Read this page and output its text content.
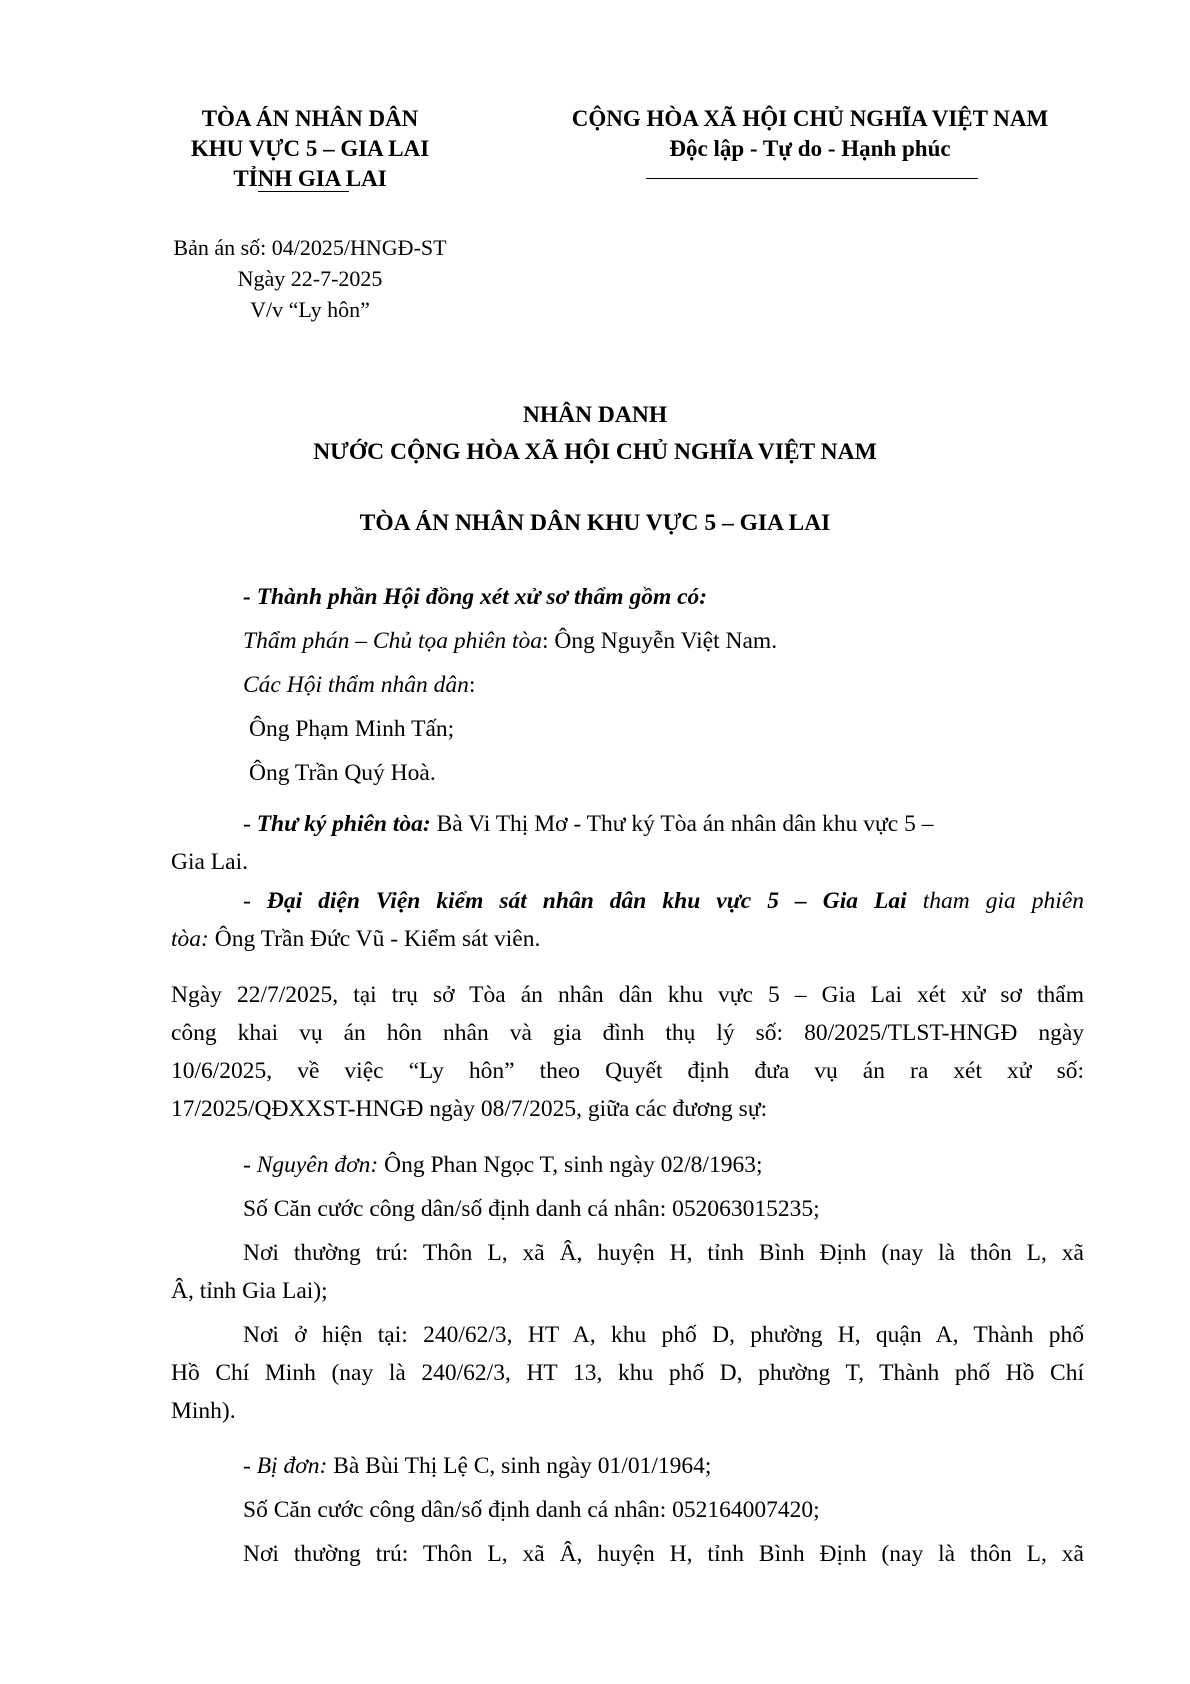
TÒA ÁN NHÂN DÂN
KHU VỰC 5 – GIA LAI
TỈNH GIA LAI
CỘNG HÒA XÃ HỘI CHỦ NGHĨA VIỆT NAM
Độc lập - Tự do - Hạnh phúc
Bản án số: 04/2025/HNGĐ-ST
Ngày 22-7-2025
V/v “Ly hôn”
NHÂN DANH
NƯỚC CỘNG HÒA XÃ HỘI CHỦ NGHĨA VIỆT NAM
TÒA ÁN NHÂN DÂN KHU VỰC 5 – GIA LAI
- Thành phần Hội đồng xét xử sơ thẩm gồm có:
Thẩm phán – Chủ tọa phiên tòa: Ông Nguyễn Việt Nam.
Các Hội thẩm nhân dân:
Ông Phạm Minh Tấn;
Ông Trần Quý Hoà.
- Thư ký phiên tòa: Bà Vi Thị Mơ - Thư ký Tòa án nhân dân khu vực 5 –
Gia Lai.
- Đại diện Viện kiểm sát nhân dân khu vực 5 – Gia Lai tham gia phiên
tòa: Ông Trần Đức Vũ - Kiểm sát viên.
Ngày 22/7/2025, tại trụ sở Tòa án nhân dân khu vực 5 – Gia Lai xét xử sơ thẩm
công khai vụ án hôn nhân và gia đình thụ lý số: 80/2025/TLST-HNGĐ ngày
10/6/2025, về việc “Ly hôn” theo Quyết định đưa vụ án ra xét xử số:
17/2025/QĐXXST-HNGĐ ngày 08/7/2025, giữa các đương sự:
- Nguyên đơn: Ông Phan Ngọc T, sinh ngày 02/8/1963;
Số Căn cước công dân/số định danh cá nhân: 052063015235;
Nơi thường trú: Thôn L, xã Â, huyện H, tỉnh Bình Định (nay là thôn L, xã
Â, tỉnh Gia Lai);
Nơi ở hiện tại: 240/62/3, HT A, khu phố D, phường H, quận A, Thành phố
Hồ Chí Minh (nay là 240/62/3, HT 13, khu phố D, phường T, Thành phố Hồ Chí
Minh).
- Bị đơn: Bà Bùi Thị Lệ C, sinh ngày 01/01/1964;
Số Căn cước công dân/số định danh cá nhân: 052164007420;
Nơi thường trú: Thôn L, xã Â, huyện H, tỉnh Bình Định (nay là thôn L, xã
